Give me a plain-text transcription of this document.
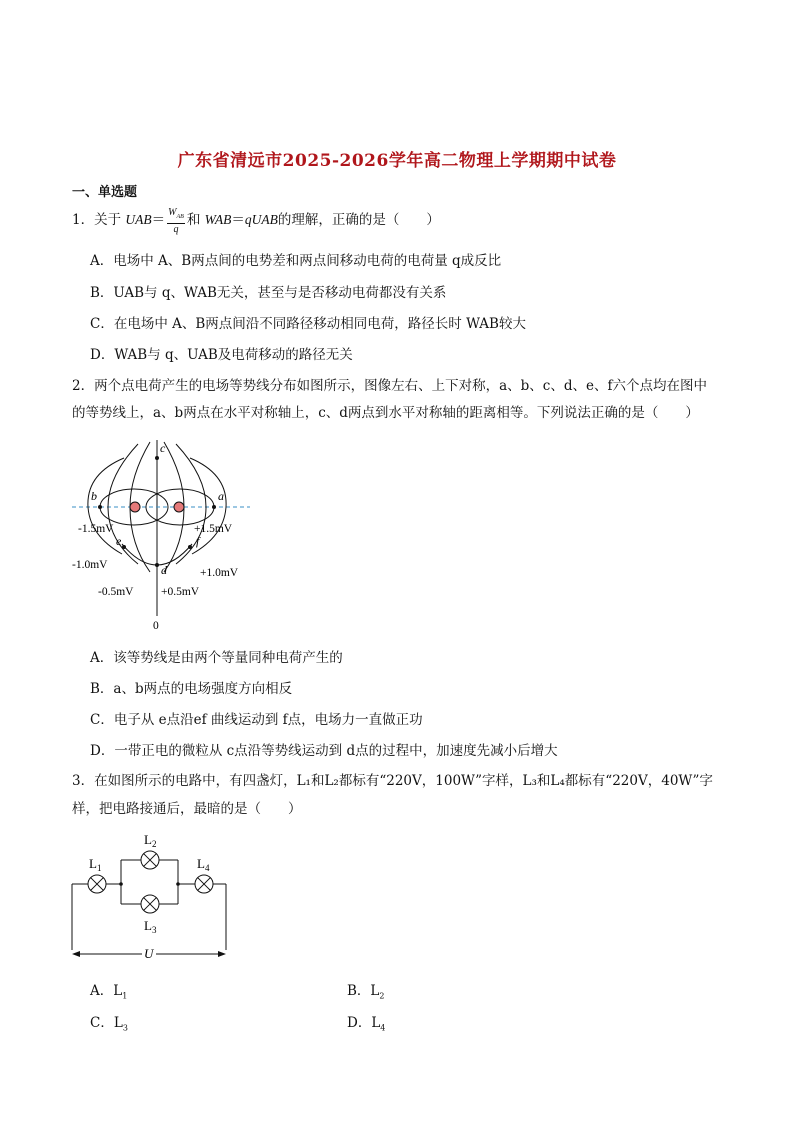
广东省清远市2025-2026学年高二物理上学期期中试卷
一、单选题
1．关于 $UAB= \frac{W_{AB}}{q}$ 和 WAB＝qUAB的理解，正确的是（　　）
A．电场中 A、B两点间的电势差和两点间移动电荷的电荷量 q成反比
B．UAB与 q、WAB无关，甚至与是否移动电荷都没有关系
C．在电场中 A、B两点间沿不同路径移动相同电荷，路径长时 WAB较大
D．WAB与 q、UAB及电荷移动的路径无关
2．两个点电荷产生的电场等势线分布如图所示，图像左右、上下对称，a、b、c、d、e、f六个点均在图中
的等势线上，a、b两点在水平对称轴上，c、d两点到水平对称轴的距离相等。下列说法正确的是（　　）
c
b	a
e	f
d
-1.5mV
-1.0mV
-0.5mV
+1.5mV
+1.0mV
+0.5mV
0
A．该等势线是由两个等量同种电荷产生的
B．a、b两点的电场强度方向相反
C．电子从 e点沿ef 曲线运动到 f点，电场力一直做正功
D．一带正电的微粒从 c点沿等势线运动到 d点的过程中，加速度先减小后增大
3．在如图所示的电路中，有四盏灯，L₁和L₂都标有“220V，100W”字样，L₃和L₄都标有“220V，40W”字
样，把电路接通后，最暗的是（　　）
$L_1$
$L_2$
$L_3$
$L_4$
U
A．$L_1$	B．$L_2$
C．$L_3$	D．$L_4$
